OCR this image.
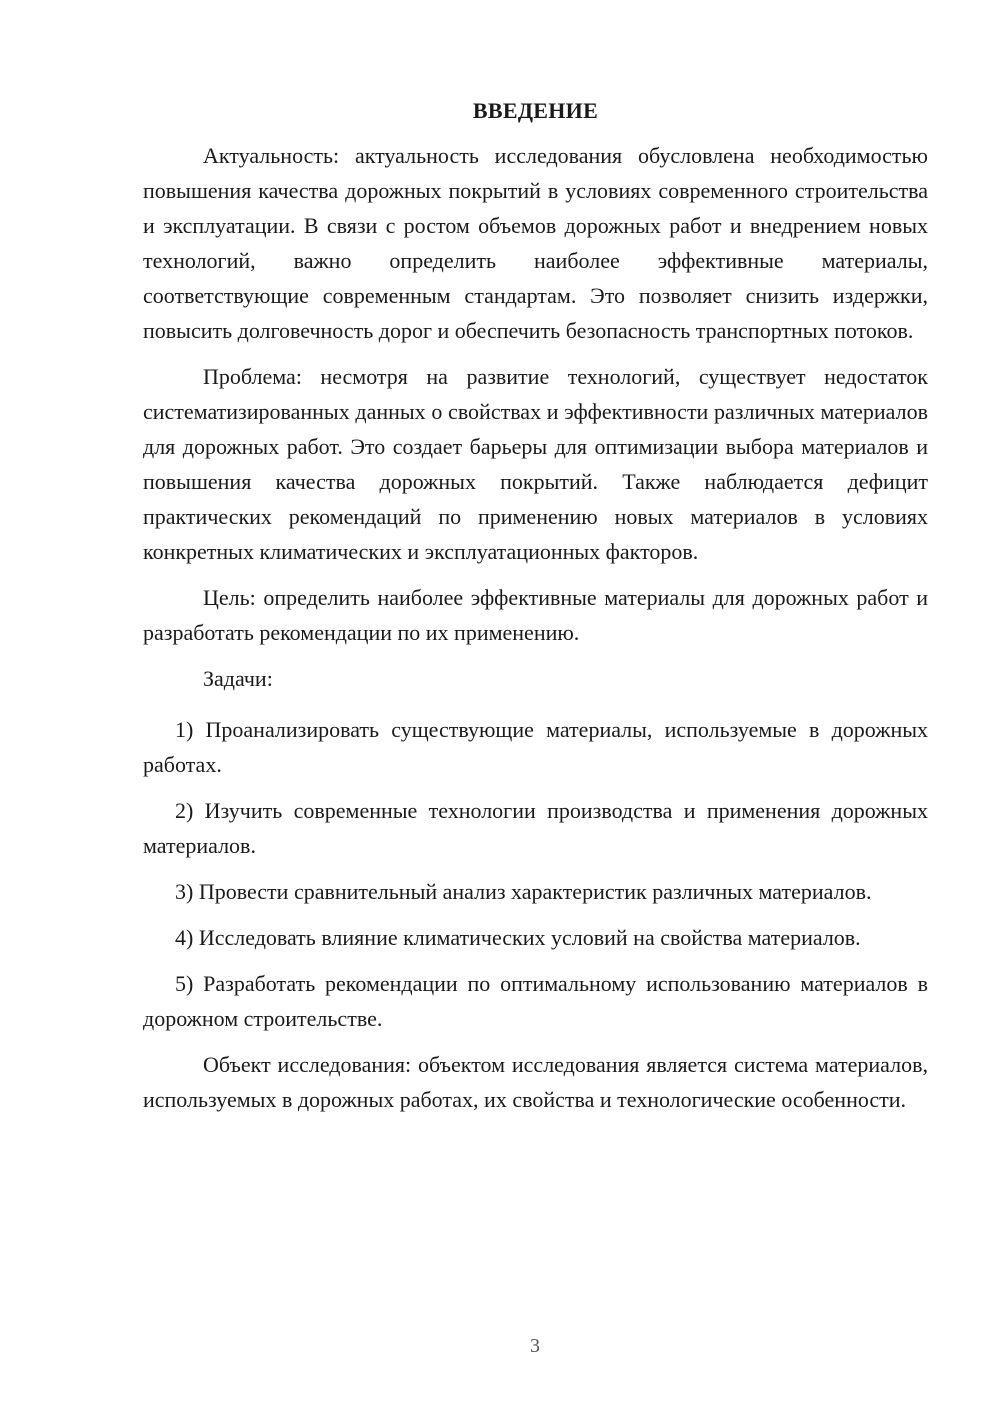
ВВЕДЕНИЕ

Актуальность: актуальность исследования обусловлена необходимостью повышения качества дорожных покрытий в условиях современного строительства и эксплуатации. В связи с ростом объемов дорожных работ и внедрением новых технологий, важно определить наиболее эффективные материалы, соответствующие современным стандартам. Это позволяет снизить издержки, повысить долговечность дорог и обеспечить безопасность транспортных потоков.

Проблема: несмотря на развитие технологий, существует недостаток систематизированных данных о свойствах и эффективности различных материалов для дорожных работ. Это создает барьеры для оптимизации выбора материалов и повышения качества дорожных покрытий. Также наблюдается дефицит практических рекомендаций по применению новых материалов в условиях конкретных климатических и эксплуатационных факторов.

Цель: определить наиболее эффективные материалы для дорожных работ и разработать рекомендации по их применению.

Задачи:

1) Проанализировать существующие материалы, используемые в дорожных работах.

2) Изучить современные технологии производства и применения дорожных материалов.

3) Провести сравнительный анализ характеристик различных материалов.

4) Исследовать влияние климатических условий на свойства материалов.

5) Разработать рекомендации по оптимальному использованию материалов в дорожном строительстве.

Объект исследования: объектом исследования является система материалов, используемых в дорожных работах, их свойства и технологические особенности.

3
